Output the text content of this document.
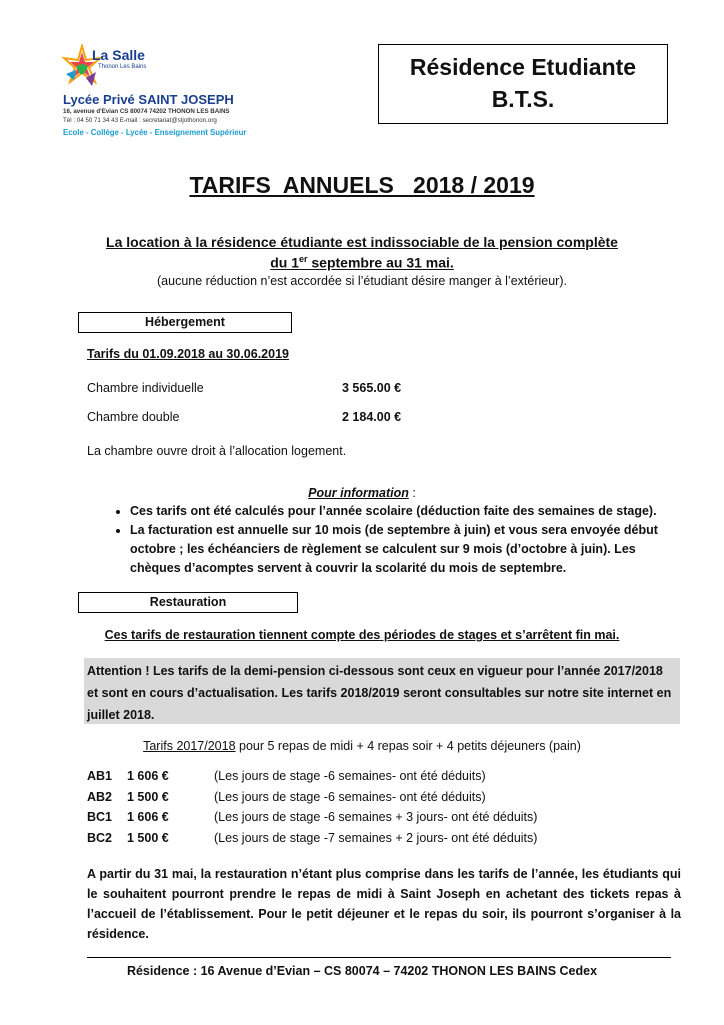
La Salle
Thonon Les Bains
Lycée Privé SAINT JOSEPH
16, avenue d'Evian CS 80074 74202 THONON LES BAINS
Tél : 04 50 71 34 43 E-mail : secretariat@stjothonon.org
Ecole - Collège - Lycée - Enseignement Supérieur
Résidence Etudiante
B.T.S.
TARIFS  ANNUELS   2018 / 2019
La location à la résidence étudiante est indissociable de la pension complète
du 1er septembre au 31 mai.
(aucune réduction n’est accordée si l’étudiant désire manger à l’extérieur).
Hébergement
Tarifs du 01.09.2018 au 30.06.2019
Chambre individuelle	3 565.00 €
Chambre double	2 184.00 €
La chambre ouvre droit à l’allocation logement.
Pour information :
• Ces tarifs ont été calculés pour l’année scolaire (déduction faite des semaines de stage).
• La facturation est annuelle sur 10 mois (de septembre à juin) et vous sera envoyée début octobre ; les échéanciers de règlement se calculent sur 9 mois (d’octobre à juin). Les chèques d’acomptes servent à couvrir la scolarité du mois de septembre.
Restauration
Ces tarifs de restauration tiennent compte des périodes de stages et s’arrêtent fin mai.
Attention ! Les tarifs de la demi-pension ci-dessous sont ceux en vigueur pour l’année 2017/2018 et sont en cours d’actualisation. Les tarifs 2018/2019 seront consultables sur notre site internet en juillet 2018.
Tarifs 2017/2018 pour 5 repas de midi + 4 repas soir + 4 petits déjeuners (pain)
AB1 1 606 €	(Les jours de stage -6 semaines- ont été déduits)
AB2 1 500 €	(Les jours de stage -6 semaines- ont été déduits)
BC1 1 606 €	(Les jours de stage -6 semaines + 3 jours- ont été déduits)
BC2 1 500 €	(Les jours de stage -7 semaines + 2 jours- ont été déduits)
A partir du 31 mai, la restauration n’étant plus comprise dans les tarifs de l’année, les étudiants qui le souhaitent pourront prendre le repas de midi à Saint Joseph en achetant des tickets repas à l’accueil de l’établissement. Pour le petit déjeuner et le repas du soir, ils pourront s’organiser à la résidence.
Résidence : 16 Avenue d’Evian – CS 80074 – 74202 THONON LES BAINS Cedex
